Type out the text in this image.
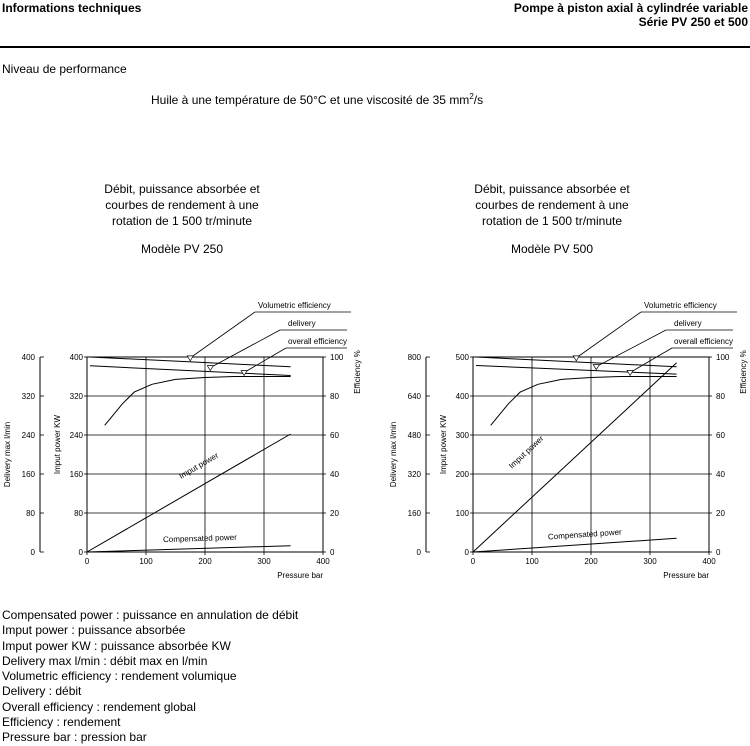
Informations techniques	Pompe à piston axial à cylindrée variable
Série PV 250 et 500
Niveau de performance
Huile à une température de 50°C et une viscosité de 35 $mm^2/s$
Débit, puissance absorbée et
courbes de rendement à une
rotation de 1 500 tr/minute
Modèle PV 250
Débit, puissance absorbée et
courbes de rendement à une
rotation de 1 500 tr/minute
Modèle PV 500
0
80
160
240
320
400
0
80
160
240
320
400
0
20
40
60
80
100
0	100	200	300	400
Delivery max l/min	Imput power KW
Efficiency %
Pressure bar
Volumetric efficiency
delivery
overall efficiency
Imput power
Compensated power
0
160
320
480
640
800
0
100
200
300
400
500
0
20
40
60
80
100
0	100	200	300	400
Delivery max l/min	Imput power KW
Efficiency %
Pressure bar
Volumetric efficiency
delivery
overall efficiency
Imput power
Compensated power
Compensated power : puissance en annulation de débit
Imput power : puissance absorbée
Imput power KW : puissance absorbée KW
Delivery max l/min : débit max en l/min
Volumetric efficiency : rendement volumique
Delivery : débit
Overall efficiency : rendement global
Efficiency : rendement
Pressure bar : pression bar
